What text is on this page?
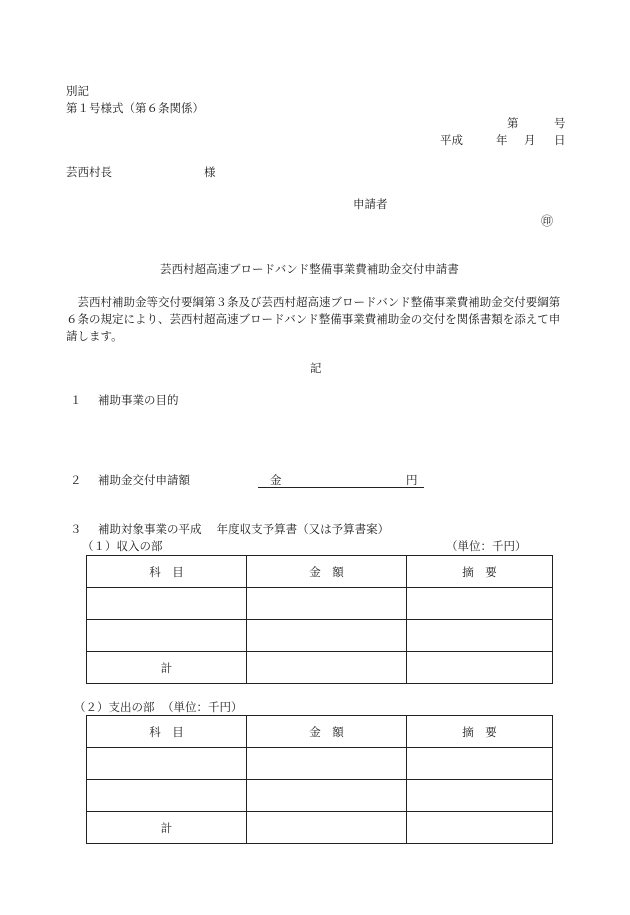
別記
第１号様式（第６条関係）
第	号
平成	年 月 日
芸西村長	様
申請者
㊞
芸西村超高速ブロードバンド整備事業費補助金交付申請書
芸西村補助金等交付要綱第３条及び芸西村超高速ブロードバンド整備事業費補助金交付要綱第６条の規定により、芸西村超高速ブロードバンド整備事業費補助金の交付を関係書類を添えて申請します。
記
１ 補助事業の目的
２ 補助金交付申請額	金	円
３ 補助対象事業の平成　 年度収支予算書（又は予算書案）
（１）収入の部	（単位：千円）
科　目	金　額	摘　要

計		
（２）支出の部 （単位：千円）
科　目	金　額	摘　要

計		
